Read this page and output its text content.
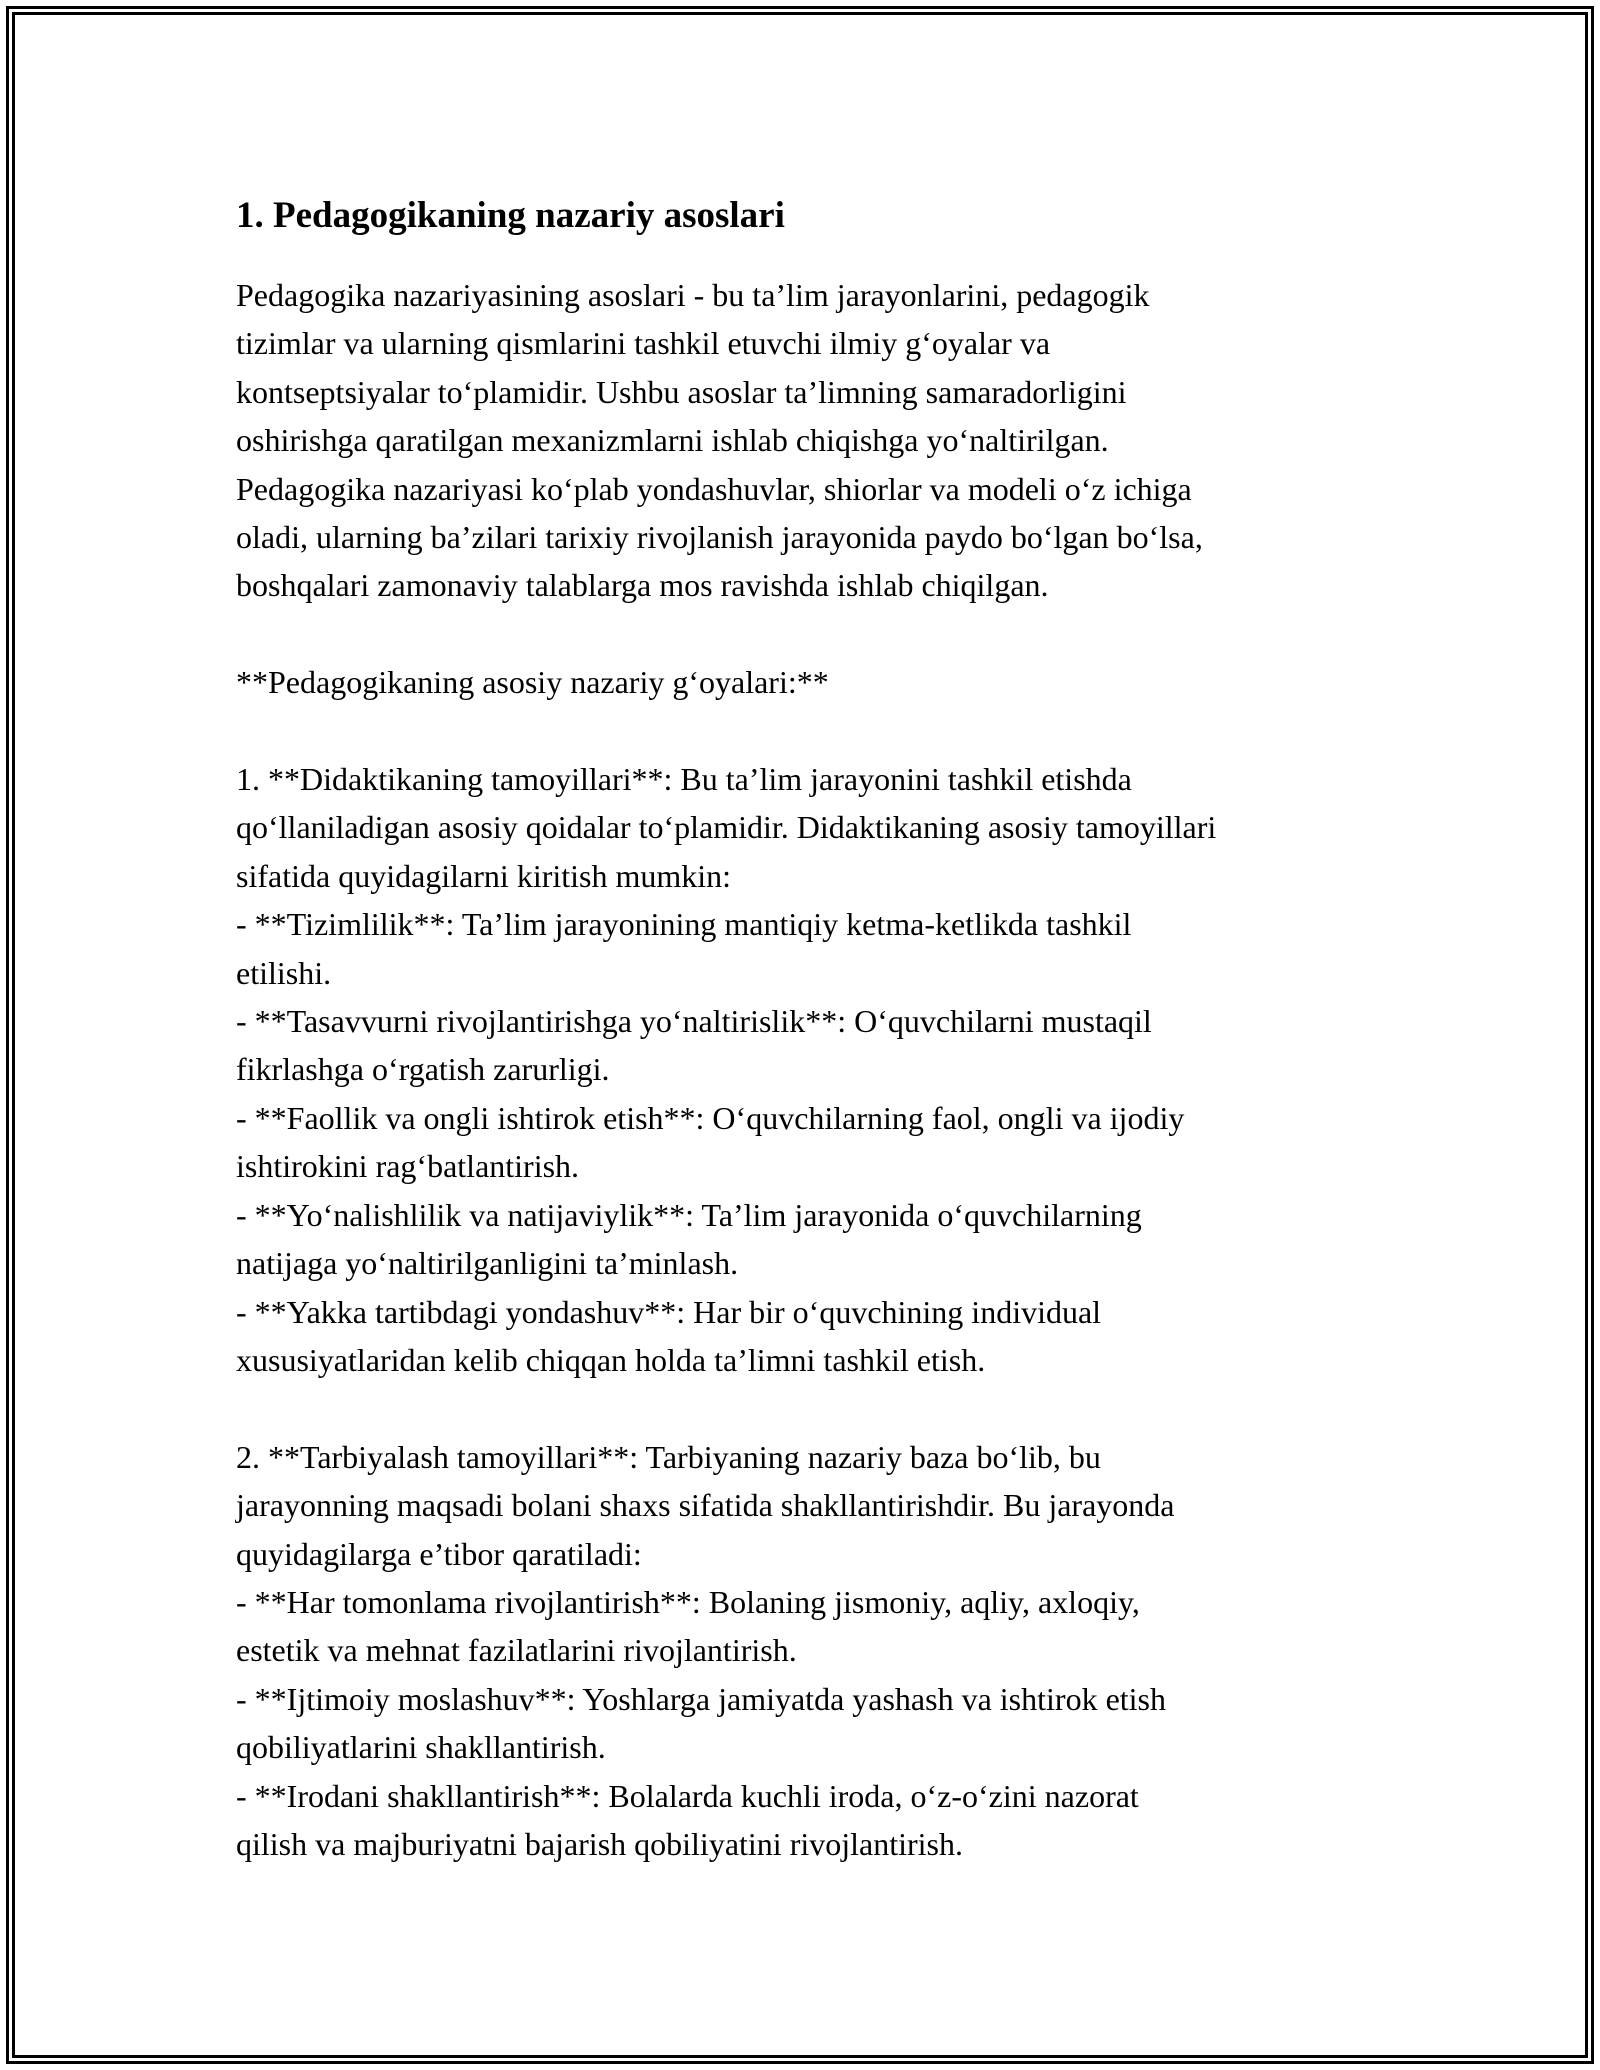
1. Pedagogikaning nazariy asoslari

Pedagogika nazariyasining asoslari - bu ta’lim jarayonlarini, pedagogik
tizimlar va ularning qismlarini tashkil etuvchi ilmiy g‘oyalar va
kontseptsiyalar to‘plamidir. Ushbu asoslar ta’limning samaradorligini
oshirishga qaratilgan mexanizmlarni ishlab chiqishga yo‘naltirilgan.
Pedagogika nazariyasi ko‘plab yondashuvlar, shiorlar va modeli o‘z ichiga
oladi, ularning ba’zilari tarixiy rivojlanish jarayonida paydo bo‘lgan bo‘lsa,
boshqalari zamonaviy talablarga mos ravishda ishlab chiqilgan.

**Pedagogikaning asosiy nazariy g‘oyalari:**

1. **Didaktikaning tamoyillari**: Bu ta’lim jarayonini tashkil etishda
qo‘llaniladigan asosiy qoidalar to‘plamidir. Didaktikaning asosiy tamoyillari
sifatida quyidagilarni kiritish mumkin:
- **Tizimlilik**: Ta’lim jarayonining mantiqiy ketma-ketlikda tashkil
etilishi.
- **Tasavvurni rivojlantirishga yo‘naltirislik**: O‘quvchilarni mustaqil
fikrlashga o‘rgatish zarurligi.
- **Faollik va ongli ishtirok etish**: O‘quvchilarning faol, ongli va ijodiy
ishtirokini rag‘batlantirish.
- **Yo‘nalishlilik va natijaviylik**: Ta’lim jarayonida o‘quvchilarning
natijaga yo‘naltirilganligini ta’minlash.
- **Yakka tartibdagi yondashuv**: Har bir o‘quvchining individual
xususiyatlaridan kelib chiqqan holda ta’limni tashkil etish.

2. **Tarbiyalash tamoyillari**: Tarbiyaning nazariy baza bo‘lib, bu
jarayonning maqsadi bolani shaxs sifatida shakllantirishdir. Bu jarayonda
quyidagilarga e’tibor qaratiladi:
- **Har tomonlama rivojlantirish**: Bolaning jismoniy, aqliy, axloqiy,
estetik va mehnat fazilatlarini rivojlantirish.
- **Ijtimoiy moslashuv**: Yoshlarga jamiyatda yashash va ishtirok etish
qobiliyatlarini shakllantirish.
- **Irodani shakllantirish**: Bolalarda kuchli iroda, o‘z-o‘zini nazorat
qilish va majburiyatni bajarish qobiliyatini rivojlantirish.
